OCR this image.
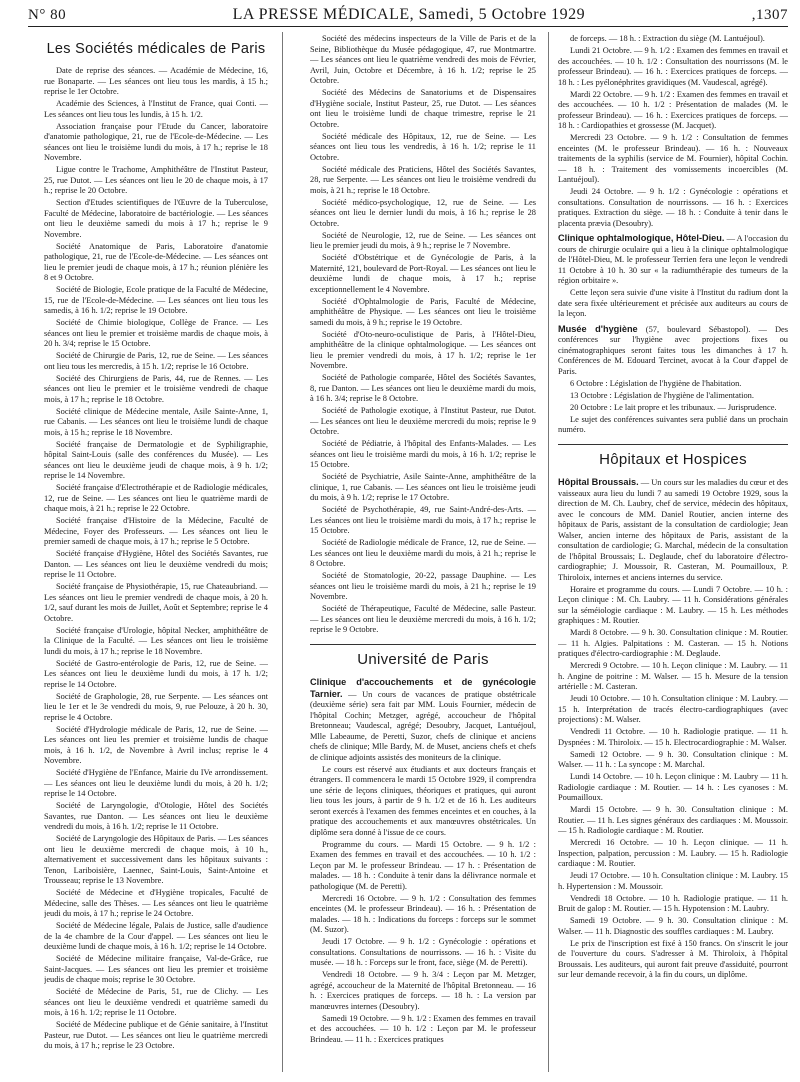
N° 80	LA PRESSE MÉDICALE, Samedi, 5 Octobre 1929	,1307
Les Sociétés médicales de Paris

Date de reprise des séances. — Académie de Médecine, 16, rue Bonaparte. — Les séances ont lieu tous les mardis, à 15 h.; reprise le 1er Octobre.

Académie des Sciences, à l'Institut de France, quai Conti. — Les séances ont lieu tous les lundis, à 15 h. 1/2.

Association française pour l'Etude du Cancer, laboratoire d'anatomie pathologique, 21, rue de l'Ecole-de-Médecine. — Les séances ont lieu le troisième lundi du mois, à 17 h.; reprise le 18 Novembre.

Ligue contre le Trachome, Amphithéâtre de l'Institut Pasteur, 25, rue Dutot. — Les séances ont lieu le 20 de chaque mois, à 17 h.; reprise le 20 Octobre.

Section d'Etudes scientifiques de l'Œuvre de la Tuberculose, Faculté de Médecine, laboratoire de bactériologie. — Les séances ont lieu le deuxième samedi du mois à 17 h.; reprise le 9 Novembre.

Société Anatomique de Paris, Laboratoire d'anatomie pathologique, 21, rue de l'Ecole-de-Médecine. — Les séances ont lieu le premier jeudi de chaque mois, à 17 h.; réunion plénière les 8 et 9 Octobre.

Société de Biologie, Ecole pratique de la Faculté de Médecine, 15, rue de l'Ecole-de-Médecine. — Les séances ont lieu tous les samedis, à 16 h. 1/2; reprise le 19 Octobre.

Société de Chimie biologique, Collège de France. — Les séances ont lieu le premier et troisième mardis de chaque mois, à 20 h. 3/4; reprise le 15 Octobre.

Société de Chirurgie de Paris, 12, rue de Seine. — Les séances ont lieu tous les mercredis, à 15 h. 1/2; reprise le 16 Octobre.

Société des Chirurgiens de Paris, 44, rue de Rennes. — Les séances ont lieu le premier et le troisième vendredi de chaque mois, à 17 h.; reprise le 18 Octobre.

Société clinique de Médecine mentale, Asile Sainte-Anne, 1, rue Cabanis. — Les séances ont lieu le troisième lundi de chaque mois, à 15 h.; reprise le 18 Novembre.

Société française de Dermatologie et de Syphiligraphie, hôpital Saint-Louis (salle des conférences du Musée). — Les séances ont lieu le deuxième jeudi de chaque mois, à 9 h. 1/2; reprise le 14 Novembre.

Société française d'Electrothérapie et de Radiologie médicales, 12, rue de Seine. — Les séances ont lieu le quatrième mardi de chaque mois, à 21 h.; reprise le 22 Octobre.

Société française d'Histoire de la Médecine, Faculté de Médecine, Foyer des Professeurs. — Les séances ont lieu le premier samedi de chaque mois, à 17 h.; reprise le 5 Octobre.

Société française d'Hygiène, Hôtel des Sociétés Savantes, rue Danton. — Les séances ont lieu le deuxième vendredi du mois; reprise le 11 Octobre.

Société française de Physiothérapie, 15, rue Chateaubriand. — Les séances ont lieu le premier vendredi de chaque mois, à 20 h. 1/2, sauf durant les mois de Juillet, Août et Septembre; reprise le 4 Octobre.

Société française d'Urologie, hôpital Necker, amphithéâtre de la Clinique de la Faculté. — Les séances ont lieu le troisième lundi du mois, à 17 h.; reprise le 18 Novembre.

Société de Gastro-entérologie de Paris, 12, rue de Seine. — Les séances ont lieu le deuxième lundi du mois, à 17 h. 1/2; reprise le 14 Octobre.

Société de Graphologie, 28, rue Serpente. — Les séances ont lieu le 1er et le 3e vendredi du mois, 9, rue Pelouze, à 20 h. 30, reprise le 4 Octobre.

Société d'Hydrologie médicale de Paris, 12, rue de Seine. — Les séances ont lieu les premier et troisième lundis de chaque mois, à 16 h. 1/2, de Novembre à Avril inclus; reprise le 4 Novembre.

Société d'Hygiène de l'Enfance, Mairie du IVe arrondissement. — Les séances ont lieu le deuxième lundi du mois, à 20 h. 1/2; reprise le 14 Octobre.

Société de Laryngologie, d'Otologie, Hôtel des Sociétés Savantes, rue Danton. — Les séances ont lieu le deuxième vendredi du mois, à 16 h. 1/2; reprise le 11 Octobre.

Société de Laryngologie des Hôpitaux de Paris. — Les séances ont lieu le deuxième mercredi de chaque mois, à 10 h., alternativement et successivement dans les hôpitaux suivants : Tenon, Lariboisière, Laennec, Saint-Louis, Saint-Antoine et Trousseau; reprise le 13 Novembre.

Société de Médecine et d'Hygiène tropicales, Faculté de Médecine, salle des Thèses. — Les séances ont lieu le quatrième jeudi du mois, à 17 h.; reprise le 24 Octobre.

Société de Médecine légale, Palais de Justice, salle d'audience de la 4e chambre de la Cour d'appel. — Les séances ont lieu le deuxième lundi de chaque mois, à 16 h. 1/2; reprise le 14 Octobre.

Société de Médecine militaire française, Val-de-Grâce, rue Saint-Jacques. — Les séances ont lieu les premier et troisième jeudis de chaque mois; reprise le 30 Octobre.

Société de Médecine de Paris, 51, rue de Clichy. — Les séances ont lieu le deuxième vendredi et quatrième samedi du mois, à 16 h. 1/2; reprise le 11 Octobre.

Société de Médecine publique et de Génie sanitaire, à l'Institut Pasteur, rue Dutot. — Les séances ont lieu le quatrième mercredi du mois, à 17 h.; reprise le 23 Octobre.

Société des médecins inspecteurs de la Ville de Paris et de la Seine, Bibliothèque du Musée pédagogique, 47, rue Montmartre. — Les séances ont lieu le quatrième vendredi des mois de Février, Avril, Juin, Octobre et Décembre, à 16 h. 1/2; reprise le 25 Octobre.

Société des Médecins de Sanatoriums et de Dispensaires d'Hygiène sociale, Institut Pasteur, 25, rue Dutot. — Les séances ont lieu le troisième lundi de chaque trimestre, reprise le 21 Octobre.

Société médicale des Hôpitaux, 12, rue de Seine. — Les séances ont lieu tous les vendredis, à 16 h. 1/2; reprise le 11 Octobre.

Société médicale des Praticiens, Hôtel des Sociétés Savantes, 28, rue Serpente. — Les séances ont lieu le troisième vendredi du mois, à 21 h.; reprise le 18 Octobre.

Société médico-psychologique, 12, rue de Seine. — Les séances ont lieu le dernier lundi du mois, à 16 h.; reprise le 28 Octobre.

Société de Neurologie, 12, rue de Seine. — Les séances ont lieu le premier jeudi du mois, à 9 h.; reprise le 7 Novembre.

Société d'Obstétrique et de Gynécologie de Paris, à la Maternité, 121, boulevard de Port-Royal. — Les séances ont lieu le deuxième lundi de chaque mois, à 17 h.; reprise exceptionnellement le 4 Novembre.

Société d'Ophtalmologie de Paris, Faculté de Médecine, amphithéâtre de Physique. — Les séances ont lieu le troisième samedi du mois, à 9 h.; reprise le 19 Octobre.

Société d'Oto-neuro-oculistique de Paris, à l'Hôtel-Dieu, amphithéâtre de la clinique ophtalmologique. — Les séances ont lieu le premier vendredi du mois, à 17 h. 1/2; reprise le 1er Novembre.

Société de Pathologie comparée, Hôtel des Sociétés Savantes, 8, rue Danton. — Les séances ont lieu le deuxième mardi du mois, à 16 h. 3/4; reprise le 8 Octobre.

Société de Pathologie exotique, à l'Institut Pasteur, rue Dutot. — Les séances ont lieu le deuxième mercredi du mois; reprise le 9 Octobre.

Société de Pédiatrie, à l'hôpital des Enfants-Malades. — Les séances ont lieu le troisième mardi du mois, à 16 h. 1/2; reprise le 15 Octobre.

Société de Psychiatrie, Asile Sainte-Anne, amphithéâtre de la clinique, 1, rue Cabanis. — Les séances ont lieu le troisième jeudi du mois, à 9 h. 1/2; reprise le 17 Octobre.

Société de Psychothérapie, 49, rue Saint-André-des-Arts. — Les séances ont lieu le troisième mardi du mois, à 17 h.; reprise le 15 Octobre.

Société de Radiologie médicale de France, 12, rue de Seine. — Les séances ont lieu le deuxième mardi du mois, à 21 h.; reprise le 8 Octobre.

Société de Stomatologie, 20-22, passage Dauphine. — Les séances ont lieu le troisième mardi du mois, à 21 h.; reprise le 19 Novembre.

Société de Thérapeutique, Faculté de Médecine, salle Pasteur. — Les séances ont lieu le deuxième mercredi du mois, à 16 h. 1/2; reprise le 9 Octobre.

Université de Paris

Clinique d'accouchements et de gynécologie Tarnier. — Un cours de vacances de pratique obstétricale (deuxième série) sera fait par MM. Louis Fournier, médecin de l'hôpital Cochin; Metzger, agrégé, accoucheur de l'hôpital Bretonneau; Vaudescal, agrégé; Desoubry, Jacquet, Lantuéjoul, Mlle Labeaume, de Peretti, Suzor, chefs de clinique et anciens chefs de clinique; Mlle Bardy, M. de Muset, anciens chefs et chefs de clinique adjoints assistés des moniteurs de la clinique.

Le cours est réservé aux étudiants et aux docteurs français et étrangers. Il commencera le mardi 15 Octobre 1929, il comprendra une série de leçons cliniques, théoriques et pratiques, qui auront lieu tous les jours, à partir de 9 h. 1/2 et de 16 h. Les auditeurs seront exercés à l'examen des femmes enceintes et en couches, à la pratique des accouchements et aux manœuvres obstétricales. Un diplôme sera donné à l'issue de ce cours.

Programme du cours. — Mardi 15 Octobre. — 9 h. 1/2 : Examen des femmes en travail et des accouchées. — 10 h. 1/2 : Leçon par M. le professeur Brindeau. — 17 h. : Présentation de malades. — 18 h. : Conduite à tenir dans la délivrance normale et pathologique (M. de Peretti).

Mercredi 16 Octobre. — 9 h. 1/2 : Consultation des femmes enceintes (M. le professeur Brindeau). — 16 h. : Présentation de malades. — 18 h. : Indications du forceps : forceps sur le sommet (M. Suzor).

Jeudi 17 Octobre. — 9 h. 1/2 : Gynécologie : opérations et consultations. Consultations de nourrissons. — 16 h. : Visite du musée. — 18 h. : Forceps sur le front, face, siège (M. de Peretti).

Vendredi 18 Octobre. — 9 h. 3/4 : Leçon par M. Metzger, agrégé, accoucheur de la Maternité de l'hôpital Bretonneau. — 16 h. : Exercices pratiques de forceps. — 18 h. : La version par manœuvres internes (Desoubry).

Samedi 19 Octobre. — 9 h. 1/2 : Examen des femmes en travail et des accouchées. — 10 h. 1/2 : Leçon par M. le professeur Brindeau. — 11 h. : Exercices pratiques

de forceps. — 18 h. : Extraction du siège (M. Lantuéjoul).

Lundi 21 Octobre. — 9 h. 1/2 : Examen des femmes en travail et des accouchées. — 10 h. 1/2 : Consultation des nourrissons (M. le professeur Brindeau). — 16 h. : Exercices pratiques de forceps. — 18 h. : Les pyélonéphrites gravidiques (M. Vaudescal, agrégé).

Mardi 22 Octobre. — 9 h. 1/2 : Examen des femmes en travail et des accouchées. — 10 h. 1/2 : Présentation de malades (M. le professeur Brindeau). — 16 h. : Exercices pratiques de forceps. — 18 h. : Cardiopathies et grossesse (M. Jacquet).

Mercredi 23 Octobre. — 9 h. 1/2 : Consultation de femmes enceintes (M. le professeur Brindeau). — 16 h. : Nouveaux traitements de la syphilis (service de M. Fournier), hôpital Cochin. — 18 h. : Traitement des vomissements incoercibles (M. Lantuéjoul).

Jeudi 24 Octobre. — 9 h. 1/2 : Gynécologie : opérations et consultations. Consultation de nourrissons. — 16 h. : Exercices pratiques. Extraction du siège. — 18 h. : Conduite à tenir dans le placenta prævia (Desoubry).

Clinique ophtalmologique, Hôtel-Dieu. — A l'occasion du cours de chirurgie oculaire qui a lieu à la clinique ophtalmologique de l'Hôtel-Dieu, M. le professeur Terrien fera une leçon le vendredi 11 Octobre à 10 h. 30 sur « la radiumthérapie des tumeurs de la région orbitaire ».

Cette leçon sera suivie d'une visite à l'Institut du radium dont la date sera fixée ultérieurement et précisée aux auditeurs au cours de la leçon.

Musée d'hygiène (57, boulevard Sébastopol). — Des conférences sur l'hygiène avec projections fixes ou cinématographiques seront faites tous les dimanches à 17 h. Conférences de M. Edouard Tercinet, avocat à la Cour d'appel de Paris.

6 Octobre : Législation de l'hygiène de l'habitation.

13 Octobre : Législation de l'hygiène de l'alimentation.

20 Octobre : Le lait propre et les tribunaux. — Jurisprudence.

Le sujet des conférences suivantes sera publié dans un prochain numéro.

Hôpitaux et Hospices

Hôpital Broussais. — Un cours sur les maladies du cœur et des vaisseaux aura lieu du lundi 7 au samedi 19 Octobre 1929, sous la direction de M. Ch. Laubry, chef de service, médecin des hôpitaux, avec le concours de MM. Daniel Routier, ancien interne des hôpitaux de Paris, assistant de la consultation de cardiologie; Jean Walser, ancien interne des hôpitaux de Paris, assistant de la consultation de cardiologie; G. Marchal, médecin de la consultation de l'hôpital Broussais; L. Deglaude, chef du laboratoire d'électro-cardiographie; J. Moussoir, R. Casteran, M. Poumailloux, P. Thiroloix, internes et anciens internes du service.

Horaire et programme du cours. — Lundi 7 Octobre. — 10 h. : Leçon clinique : M. Ch. Laubry. — 11 h. Considérations générales sur la séméiologie cardiaque : M. Laubry. — 15 h. Les méthodes graphiques : M. Routier.

Mardi 8 Octobre. — 9 h. 30. Consultation clinique : M. Routier. — 11 h. Algies. Palpitations : M. Casteran. — 15 h. Notions pratiques d'électro-cardiographie : M. Deglaude.

Mercredi 9 Octobre. — 10 h. Leçon clinique : M. Laubry. — 11 h. Angine de poitrine : M. Walser. — 15 h. Mesure de la tension artérielle : M. Casteran.

Jeudi 10 Octobre. — 10 h. Consultation clinique : M. Laubry. — 15 h. Interprétation de tracés électro-cardiographiques (avec projections) : M. Walser.

Vendredi 11 Octobre. — 10 h. Radiologie pratique. — 11 h. Dyspnées : M. Thiroloix. — 15 h. Electrocardiographie : M. Walser.

Samedi 12 Octobre. — 9 h. 30. Consultation clinique : M. Walser. — 11 h. : La syncope : M. Marchal.

Lundi 14 Octobre. — 10 h. Leçon clinique : M. Laubry — 11 h. Radiologie cardiaque : M. Routier. — 14 h. : Les cyanoses : M. Poumailloux.

Mardi 15 Octobre. — 9 h. 30. Consultation clinique : M. Routier. — 11 h. Les signes généraux des cardiaques : M. Moussoir. — 15 h. Radiologie cardiaque : M. Routier.

Mercredi 16 Octobre. — 10 h. Leçon clinique. — 11 h. Inspection, palpation, percussion : M. Laubry. — 15 h. Radiologie cardiaque : M. Routier.

Jeudi 17 Octobre. — 10 h. Consultation clinique : M. Laubry. 15 h. Hypertension : M. Moussoir.

Vendredi 18 Octobre. — 10 h. Radiologie pratique. — 11 h. Bruit de galop : M. Routier. — 15 h. Hypotension : M. Laubry.

Samedi 19 Octobre. — 9 h. 30. Consultation clinique : M. Walser. — 11 h. Diagnostic des souffles cardiaques : M. Laubry.

Le prix de l'inscription est fixé à 150 francs. On s'inscrit le jour de l'ouverture du cours. S'adresser à M. Thiroloix, à l'hôpital Broussais. Les auditeurs, qui auront fait preuve d'assiduité, pourront sur leur demande recevoir, à la fin du cours, un diplôme.
